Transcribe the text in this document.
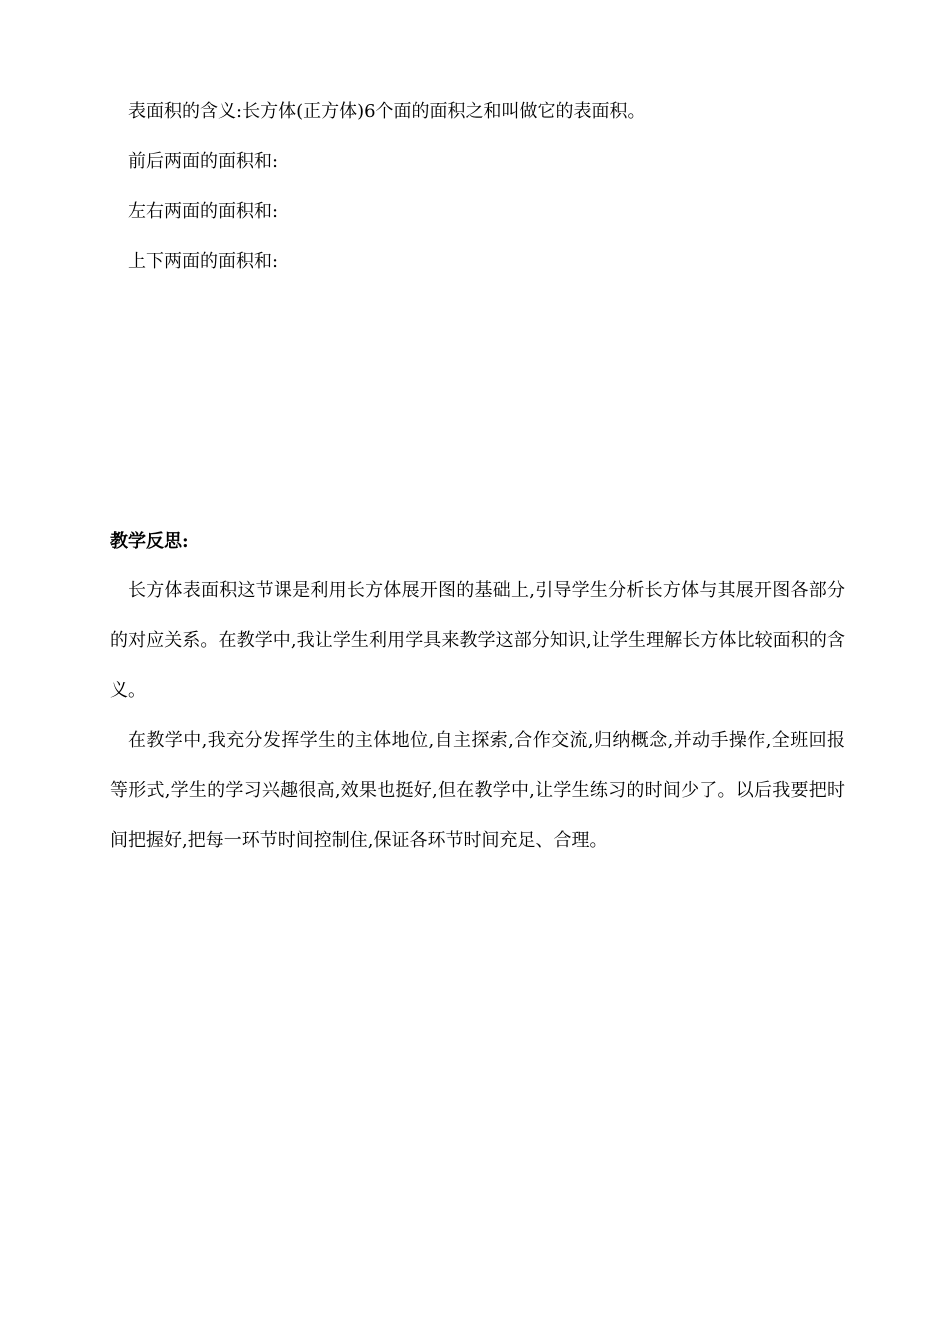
表面积的含义:长方体(正方体)6个面的面积之和叫做它的表面积。
前后两面的面积和:
左右两面的面积和:
上下两面的面积和:
教学反思:
长方体表面积这节课是利用长方体展开图的基础上,引导学生分析长方体与其展开图各部分的对应关系。在教学中,我让学生利用学具来教学这部分知识,让学生理解长方体比较面积的含义。
在教学中,我充分发挥学生的主体地位,自主探索,合作交流,归纳概念,并动手操作,全班回报等形式,学生的学习兴趣很高,效果也挺好,但在教学中,让学生练习的时间少了。以后我要把时间把握好,把每一环节时间控制住,保证各环节时间充足、合理。
